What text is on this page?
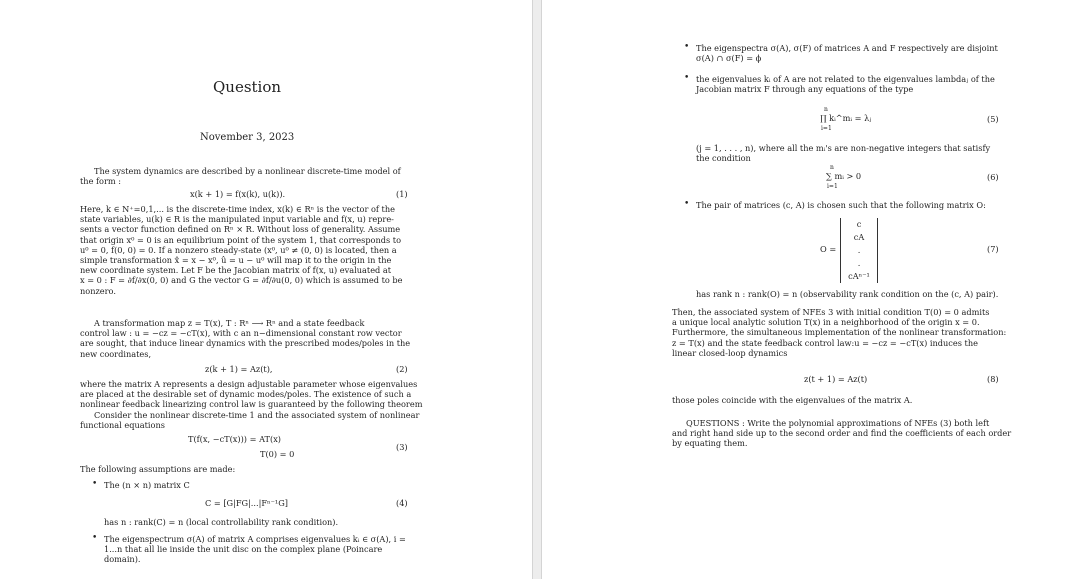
Question
November 3, 2023
The system dynamics are described by a nonlinear discrete-time model of
the form :
x(k + 1) = f(x(k), u(k)).	(1)
Here, k ∈ N⁺=0,1,... is the discrete-time index, x(k) ∈ Rⁿ is the vector of the
state variables, u(k) ∈ R is the manipulated input variable and f(x, u) repre-
sents a vector function defined on Rⁿ × R. Without loss of generality. Assume
that origin x⁰ = 0 is an equilibrium point of the system 1, that corresponds to
u⁰ = 0, f(0, 0) = 0. If a nonzero steady-state (x⁰, u⁰ ≠ (0, 0) is located, then a
simple transformation x̂ = x − x⁰, û = u − u⁰ will map it to the origin in the
new coordinate system. Let F be the Jacobian matrix of f(x, u) evaluated at
x = 0 : F = ∂f/∂x(0, 0) and G the vector G = ∂f/∂u(0, 0) which is assumed to be
nonzero.
A transformation map z = T(x), T : Rⁿ ⟶ Rⁿ and a state feedback
control law : u = −cz = −cT(x), with c an n−dimensional constant row vector
are sought, that induce linear dynamics with the prescribed modes/poles in the
new coordinates,
z(k + 1) = Az(t),	(2)
where the matrix A represents a design adjustable parameter whose eigenvalues
are placed at the desirable set of dynamic modes/poles. The existence of such a
nonlinear feedback linearizing control law is guaranteed by the following theorem
Consider the nonlinear discrete-time 1 and the associated system of nonlinear
functional equations
T(f(x, −cT(x))) = AT(x)
T(0) = 0
(3)
The following assumptions are made:
• The (n × n) matrix C
C = [G|FG|...|Fⁿ⁻¹G]	(4)
has n : rank(C) = n (local controllability rank condition).
• The eigenspectrum σ(A) of matrix A comprises eigenvalues kᵢ ∈ σ(A), i =
1...n that all lie inside the unit disc on the complex plane (Poincare
domain).
• The eigenspectra σ(A), σ(F) of matrices A and F respectively are disjoint
σ(A) ∩ σ(F) = ϕ
• the eigenvalues kᵢ of A are not related to the eigenvalues lambdaⱼ of the
Jacobian matrix F through any equations of the type
n
∏ kᵢ^mᵢ = λⱼ
i=1
(5)
(j = 1, . . . , n), where all the mᵢ's are non-negative integers that satisfy
the condition
n
∑ mᵢ > 0
i=1
(6)
• The pair of matrices (c, A) is chosen such that the following matrix O:
O =
c
cA
.
.
cAⁿ⁻¹
(7)
has rank n : rank(O) = n (observability rank condition on the (c, A) pair).
Then, the associated system of NFEs 3 with initial condition T(0) = 0 admits
a unique local analytic solution T(x) in a neighborhood of the origin x = 0.
Furthermore, the simultaneous implementation of the nonlinear transformation:
z = T(x) and the state feedback control law:u = −cz = −cT(x) induces the
linear closed-loop dynamics
z(t + 1) = Az(t)	(8)
those poles coincide with the eigenvalues of the matrix A.
QUESTIONS : Write the polynomial approximations of NFEs (3) both left
and right hand side up to the second order and find the coefficients of each order
by equating them.
